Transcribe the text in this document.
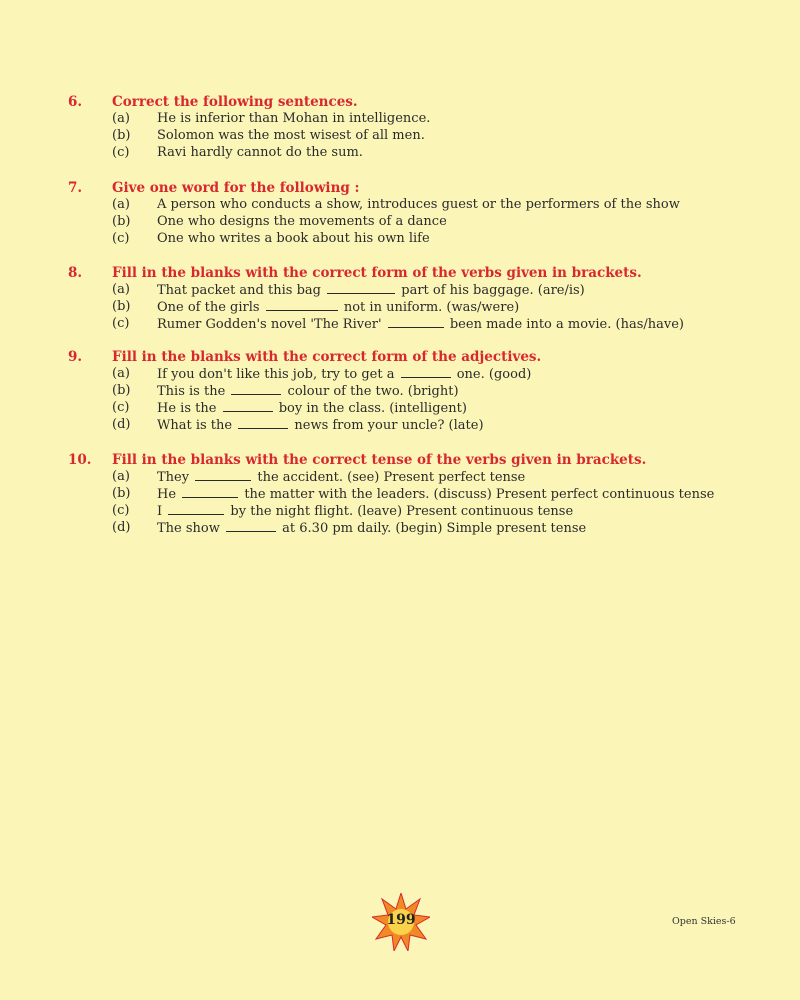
6. Correct the following sentences.
(a) He is inferior than Mohan in intelligence.
(b) Solomon was the most wisest of all men.
(c) Ravi hardly cannot do the sum.
7. Give one word for the following :
(a) A person who conducts a show, introduces guest or the performers of the show
(b) One who designs the movements of a dance
(c) One who writes a book about his own life
8. Fill in the blanks with the correct form of the verbs given in brackets.
(a) That packet and this bag	part of his baggage. (are/is)
(b) One of the girls	not in uniform. (was/were)
(c) Rumer Godden's novel 'The River'	been made into a movie. (has/have)
9. Fill in the blanks with the correct form of the adjectives.
(a) If you don't like this job, try to get a	one. (good)
(b) This is the	colour of the two. (bright)
(c) He is the	boy in the class. (intelligent)
(d) What is the	news from your uncle? (late)
10. Fill in the blanks with the correct tense of the verbs given in brackets.
(a) They	the accident. (see) Present perfect tense
(b) He	the matter with the leaders. (discuss) Present perfect continuous tense
(c) I	by the night flight. (leave) Present continuous tense
(d) The show	at 6.30 pm daily. (begin) Simple present tense
199	Open Skies-6
